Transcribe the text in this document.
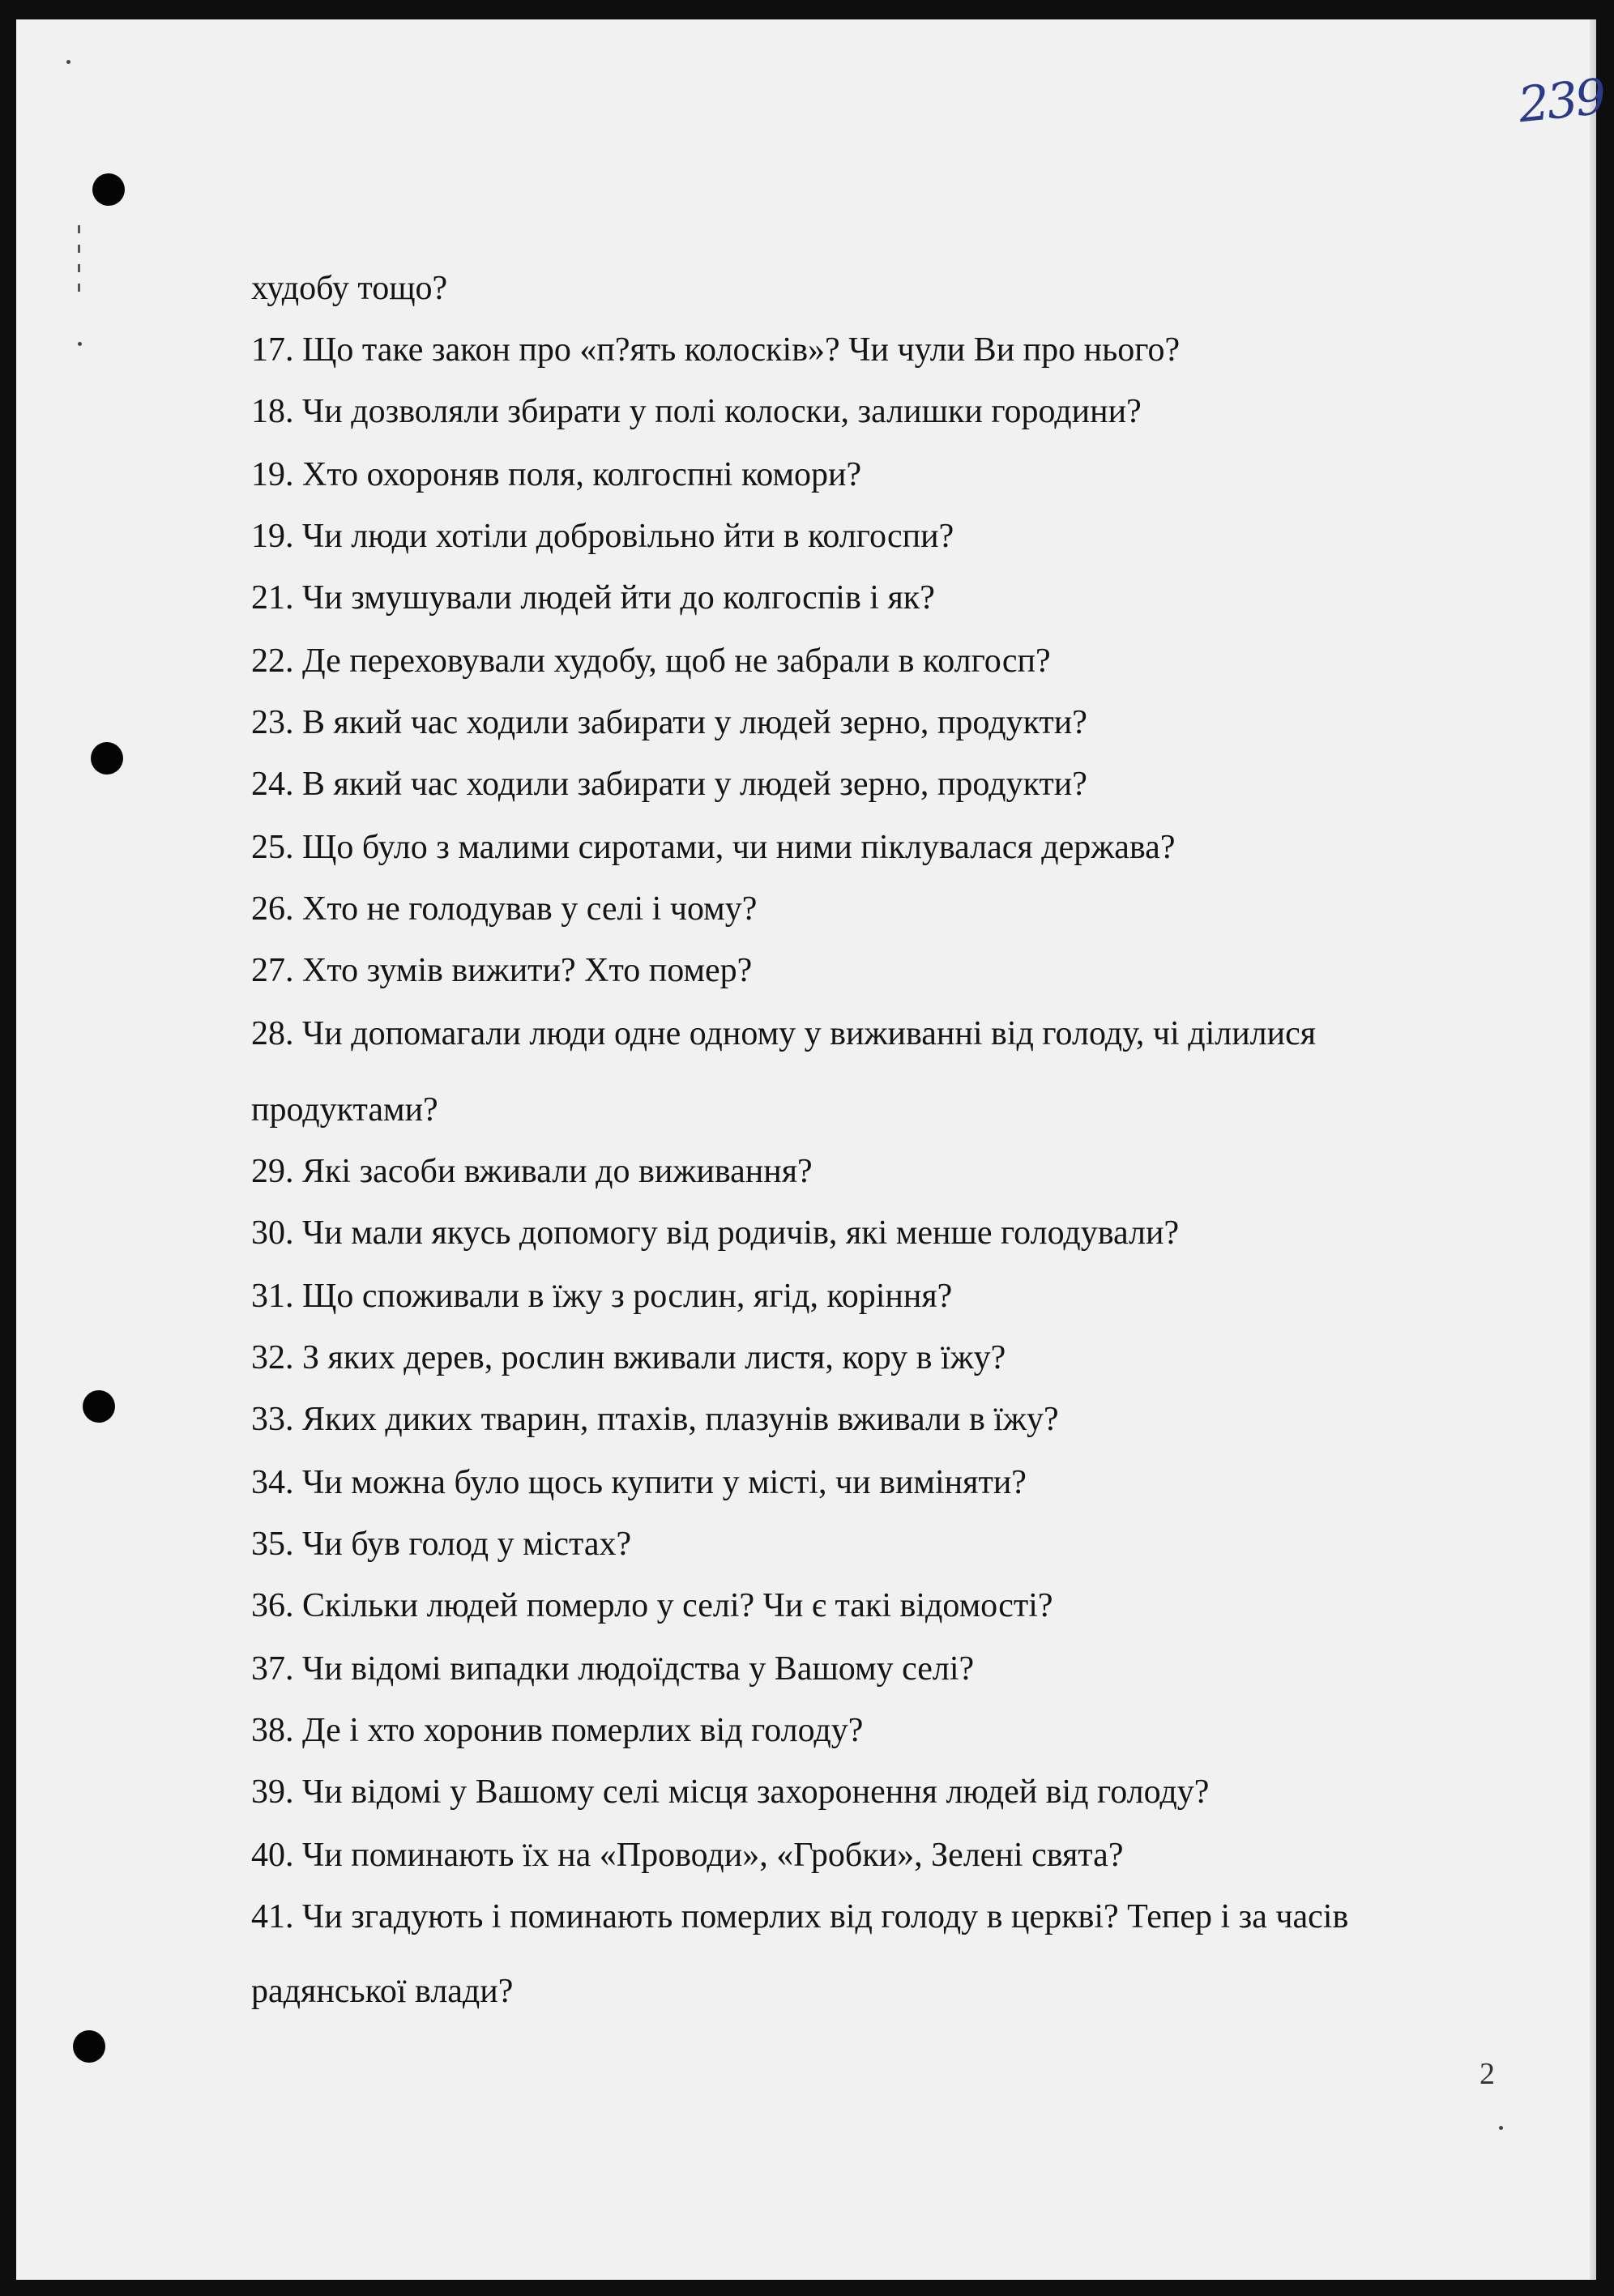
239
худобу тощо?
17. Що таке закон про «п?ять колосків»? Чи чули Ви про нього?
18. Чи дозволяли збирати у полі колоски, залишки городини?
19. Хто охороняв поля, колгоспні комори?
19. Чи люди хотіли добровільно йти в колгоспи?
21. Чи змушували людей йти до колгоспів і як?
22. Де переховували худобу, щоб не забрали в колгосп?
23. В який час ходили забирати у людей зерно, продукти?
24. В який час ходили забирати у людей зерно, продукти?
25. Що було з малими сиротами, чи ними піклувалася держава?
26. Хто не голодував у селі і чому?
27. Хто зумів вижити? Хто помер?
28. Чи допомагали люди одне одному у виживанні від голоду, чі ділилися
продуктами?
29. Які засоби вживали до виживання?
30. Чи мали якусь допомогу від родичів, які менше голодували?
31. Що споживали в їжу з рослин, ягід, коріння?
32. З яких дерев, рослин вживали листя, кору в їжу?
33. Яких диких тварин, птахів, плазунів вживали в їжу?
34. Чи можна було щось купити у місті, чи виміняти?
35. Чи був голод у містах?
36. Скільки людей померло у селі? Чи є такі відомості?
37. Чи відомі випадки людоїдства у Вашому селі?
38. Де і хто хоронив померлих від голоду?
39. Чи відомі у Вашому селі місця захоронення людей від голоду?
40. Чи поминають їх на «Проводи», «Гробки», Зелені свята?
41. Чи згадують і поминають померлих від голоду в церкві? Тепер і за часів
радянської влади?
2
